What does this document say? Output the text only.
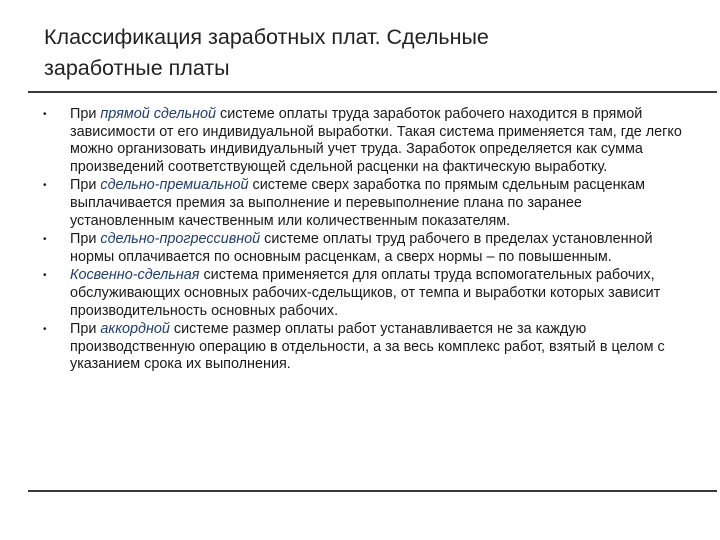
Классификация заработных плат. Сдельные
заработные платы
• При прямой сдельной системе оплаты труда заработок рабочего находится в прямой зависимости от его индивидуальной выработки. Такая система применяется там, где легко можно организовать индивидуальный учет труда. Заработок определяется как сумма произведений соответствующей сдельной расценки на фактическую выработку.
• При сдельно-премиальной системе сверх заработка по прямым сдельным расценкам выплачивается премия за выполнение и перевыполнение плана по заранее установленным качественным или количественным показателям.
• При сдельно-прогрессивной системе оплаты труд рабочего в пределах установленной нормы оплачивается по основным расценкам, а сверх нормы – по повышенным.
• Косвенно-сдельная система применяется для оплаты труда вспомогательных рабочих, обслуживающих основных рабочих-сдельщиков, от темпа и выработки которых зависит производительность основных рабочих.
• При аккордной системе размер оплаты работ устанавливается не за каждую производственную операцию в отдельности, а за весь комплекс работ, взятый в целом с указанием срока их выполнения.
